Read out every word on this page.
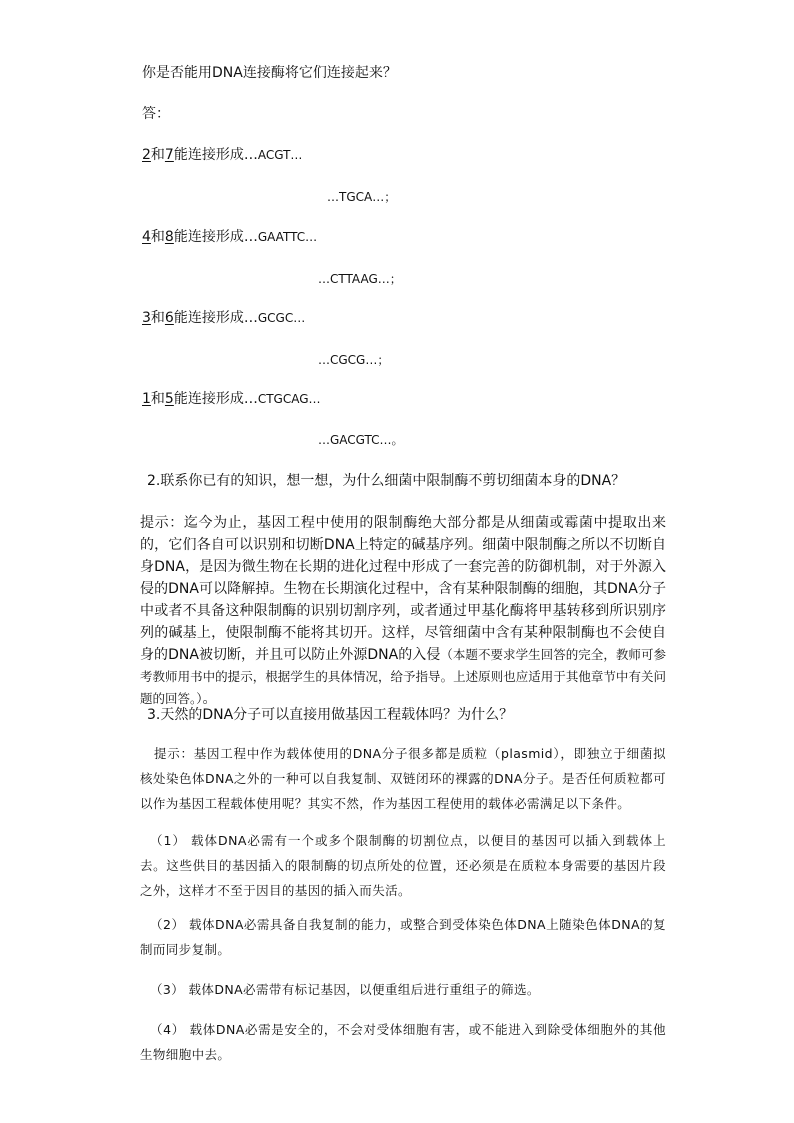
你是否能用DNA连接酶将它们连接起来？
答：
2和7能连接形成…ACGT…
…TGCA…；
4和8能连接形成…GAATTC…
…CTTAAG…；
3和6能连接形成…GCGC…
…CGCG…；
1和5能连接形成…CTGCAG…
…GACGTC…。
2.联系你已有的知识，想一想，为什么细菌中限制酶不剪切细菌本身的DNA？
提示：迄今为止，基因工程中使用的限制酶绝大部分都是从细菌或霉菌中提取出来的，它们各自可以识别和切断DNA上特定的碱基序列。细菌中限制酶之所以不切断自身DNA，是因为微生物在长期的进化过程中形成了一套完善的防御机制，对于外源入侵的DNA可以降解掉。生物在长期演化过程中，含有某种限制酶的细胞，其DNA分子中或者不具备这种限制酶的识别切割序列，或者通过甲基化酶将甲基转移到所识别序列的碱基上，使限制酶不能将其切开。这样，尽管细菌中含有某种限制酶也不会使自身的DNA被切断，并且可以防止外源DNA的入侵（本题不要求学生回答的完全，教师可参考教师用书中的提示，根据学生的具体情况，给予指导。上述原则也应适用于其他章节中有关问题的回答。）。
3.天然的DNA分子可以直接用做基因工程载体吗？为什么？
提示：基因工程中作为载体使用的DNA分子很多都是质粒（plasmid），即独立于细菌拟核处染色体DNA之外的一种可以自我复制、双链闭环的裸露的DNA分子。是否任何质粒都可以作为基因工程载体使用呢？其实不然，作为基因工程使用的载体必需满足以下条件。
（1） 载体DNA必需有一个或多个限制酶的切割位点，以便目的基因可以插入到载体上去。这些供目的基因插入的限制酶的切点所处的位置，还必须是在质粒本身需要的基因片段之外，这样才不至于因目的基因的插入而失活。
（2） 载体DNA必需具备自我复制的能力，或整合到受体染色体DNA上随染色体DNA的复制而同步复制。
（3） 载体DNA必需带有标记基因，以便重组后进行重组子的筛选。
（4） 载体DNA必需是安全的，不会对受体细胞有害，或不能进入到除受体细胞外的其他生物细胞中去。
